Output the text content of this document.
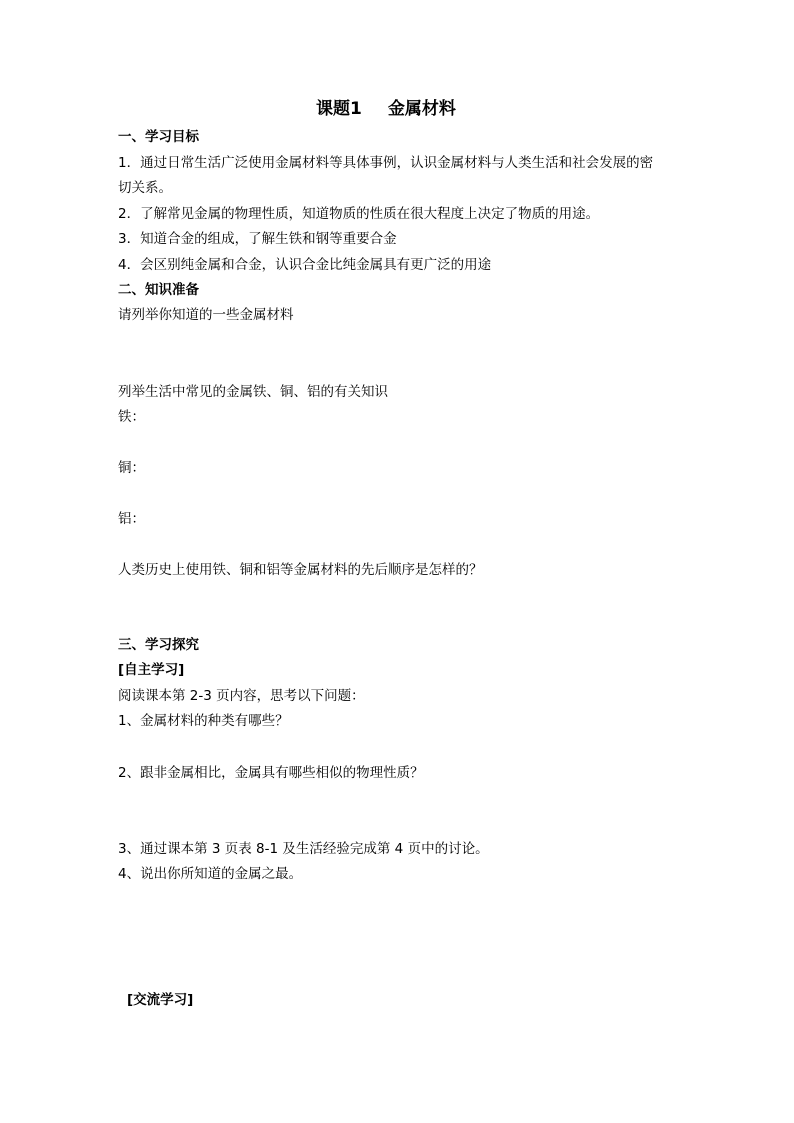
课题1 金属材料
一、学习目标
1．通过日常生活广泛使用金属材料等具体事例，认识金属材料与人类生活和社会发展的密
切关系。
2．了解常见金属的物理性质，知道物质的性质在很大程度上决定了物质的用途。
3．知道合金的组成，了解生铁和钢等重要合金
4．会区别纯金属和合金，认识合金比纯金属具有更广泛的用途
二、知识准备
请列举你知道的一些金属材料
列举生活中常见的金属铁、铜、铝的有关知识
铁：
铜：
铝：
人类历史上使用铁、铜和铝等金属材料的先后顺序是怎样的？
三、学习探究
[自主学习]
阅读课本第 2-3 页内容，思考以下问题：
1、金属材料的种类有哪些？
2、跟非金属相比，金属具有哪些相似的物理性质？
3、通过课本第 3 页表 8-1 及生活经验完成第 4 页中的讨论。
4、说出你所知道的金属之最。
[交流学习]
